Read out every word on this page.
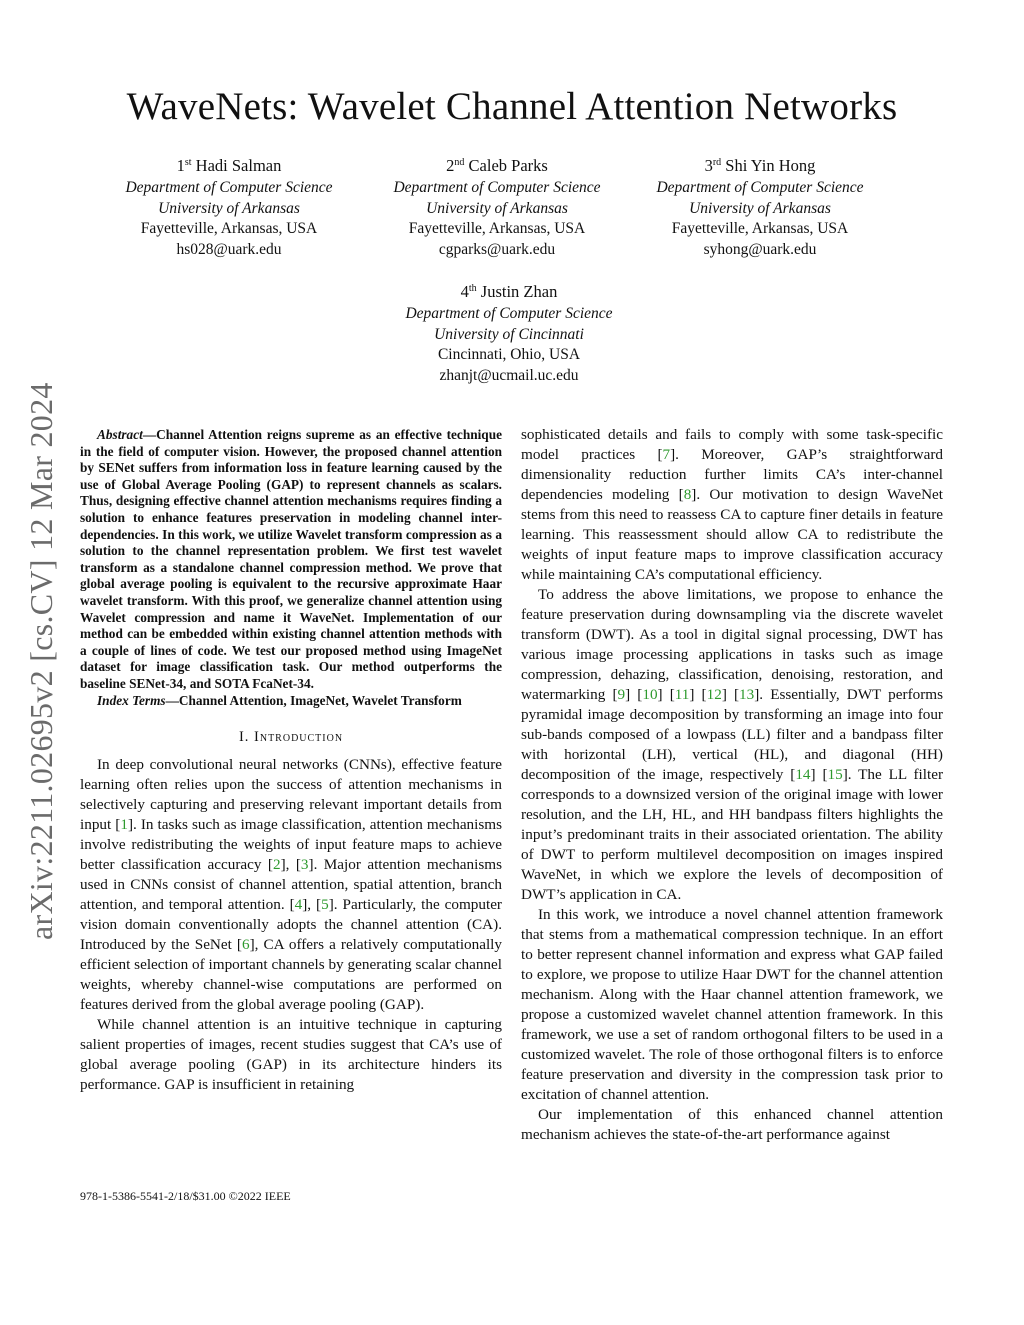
WaveNets: Wavelet Channel Attention Networks
1st Hadi Salman
Department of Computer Science
University of Arkansas
Fayetteville, Arkansas, USA
hs028@uark.edu
2nd Caleb Parks
Department of Computer Science
University of Arkansas
Fayetteville, Arkansas, USA
cgparks@uark.edu
3rd Shi Yin Hong
Department of Computer Science
University of Arkansas
Fayetteville, Arkansas, USA
syhong@uark.edu
4th Justin Zhan
Department of Computer Science
University of Cincinnati
Cincinnati, Ohio, USA
zhanjt@ucmail.uc.edu
arXiv:2211.02695v2 [cs.CV] 12 Mar 2024	Abstract—Channel Attention reigns supreme as an effective technique in the field of computer vision. However, the proposed channel attention by SENet suffers from information loss in feature learning caused by the use of Global Average Pooling (GAP) to represent channels as scalars. Thus, designing effective channel attention mechanisms requires finding a solution to enhance features preservation in modeling channel inter-dependencies. In this work, we utilize Wavelet transform compression as a solution to the channel representation problem. We first test wavelet transform as a standalone channel compression method. We prove that global average pooling is equivalent to the recursive approximate Haar wavelet transform. With this proof, we generalize channel attention using Wavelet compression and name it WaveNet. Implementation of our method can be embedded within existing channel attention methods with a couple of lines of code. We test our proposed method using ImageNet dataset for image classification task. Our method outperforms the baseline SENet-34, and SOTA FcaNet-34.

Index Terms—Channel Attention, ImageNet, Wavelet Transform

I. Introduction

In deep convolutional neural networks (CNNs), effective feature learning often relies upon the success of attention mechanisms in selectively capturing and preserving relevant important details from input [1]. In tasks such as image classification, attention mechanisms involve redistributing the weights of input feature maps to achieve better classification accuracy [2], [3]. Major attention mechanisms used in CNNs consist of channel attention, spatial attention, branch attention, and temporal attention. [4], [5]. Particularly, the computer vision domain conventionally adopts the channel attention (CA). Introduced by the SeNet [6], CA offers a relatively computationally efficient selection of important channels by generating scalar channel weights, whereby channel-wise computations are performed on features derived from the global average pooling (GAP).

While channel attention is an intuitive technique in capturing salient properties of images, recent studies suggest that CA’s use of global average pooling (GAP) in its architecture hinders its performance. GAP is insufficient in retaining

sophisticated details and fails to comply with some task-specific model practices [7]. Moreover, GAP’s straightforward dimensionality reduction further limits CA’s inter-channel dependencies modeling [8]. Our motivation to design WaveNet stems from this need to reassess CA to capture finer details in feature learning. This reassessment should allow CA to redistribute the weights of input feature maps to improve classification accuracy while maintaining CA’s computational efficiency.

To address the above limitations, we propose to enhance the feature preservation during downsampling via the discrete wavelet transform (DWT). As a tool in digital signal processing, DWT has various image processing applications in tasks such as image compression, dehazing, classification, denoising, restoration, and watermarking [9] [10] [11] [12] [13]. Essentially, DWT performs pyramidal image decomposition by transforming an image into four sub-bands composed of a lowpass (LL) filter and a bandpass filter with horizontal (LH), vertical (HL), and diagonal (HH) decomposition of the image, respectively [14] [15]. The LL filter corresponds to a downsized version of the original image with lower resolution, and the LH, HL, and HH bandpass filters highlights the input’s predominant traits in their associated orientation. The ability of DWT to perform multilevel decomposition on images inspired WaveNet, in which we explore the levels of decomposition of DWT’s application in CA.

In this work, we introduce a novel channel attention framework that stems from a mathematical compression technique. In an effort to better represent channel information and express what GAP failed to explore, we propose to utilize Haar DWT for the channel attention mechanism. Along with the Haar channel attention framework, we propose a customized wavelet channel attention framework. In this framework, we use a set of random orthogonal filters to be used in a customized wavelet. The role of those orthogonal filters is to enforce feature preservation and diversity in the compression task prior to excitation of channel attention.

Our implementation of this enhanced channel attention mechanism achieves the state-of-the-art performance against

978-1-5386-5541-2/18/$31.00 ©2022 IEEE
